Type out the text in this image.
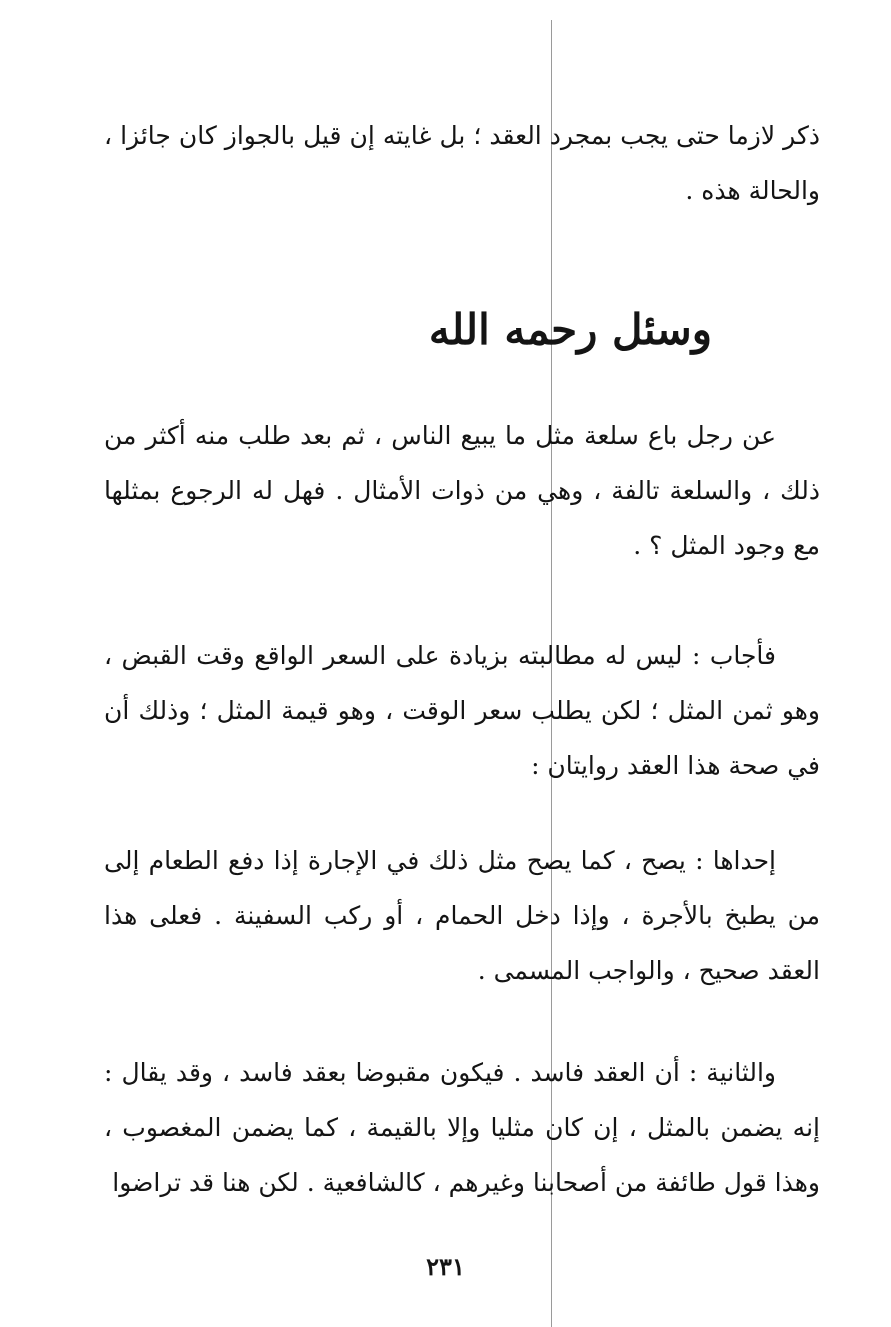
ذكر لازما حتى يجب بمجرد العقد ؛ بل غايته إن قيل بالجواز كان جائزا ، والحالة هذه .

وسئل رحمه الله

عن رجل باع سلعة مثل ما يبيع الناس ، ثم بعد طلب منه أكثر من ذلك ، والسلعة تالفة ، وهي من ذوات الأمثال . فهل له الرجوع بمثلها مع وجود المثل ؟ .

فأجاب : ليس له مطالبته بزيادة على السعر الواقع وقت القبض ، وهو ثمن المثل ؛ لكن يطلب سعر الوقت ، وهو قيمة المثل ؛ وذلك أن في صحة هذا العقد روايتان :

إحداها : يصح ، كما يصح مثل ذلك في الإجارة إذا دفع الطعام إلى من يطبخ بالأجرة ، وإذا دخل الحمام ، أو ركب السفينة . فعلى هذا العقد صحيح ، والواجب المسمى .

والثانية : أن العقد فاسد . فيكون مقبوضا بعقد فاسد ، وقد يقال : إنه يضمن بالمثل ، إن كان مثليا وإلا بالقيمة ، كما يضمن المغصوب ، وهذا قول طائفة من أصحابنا وغيرهم ، كالشافعية . لكن هنا قد تراضوا

٢٣١
